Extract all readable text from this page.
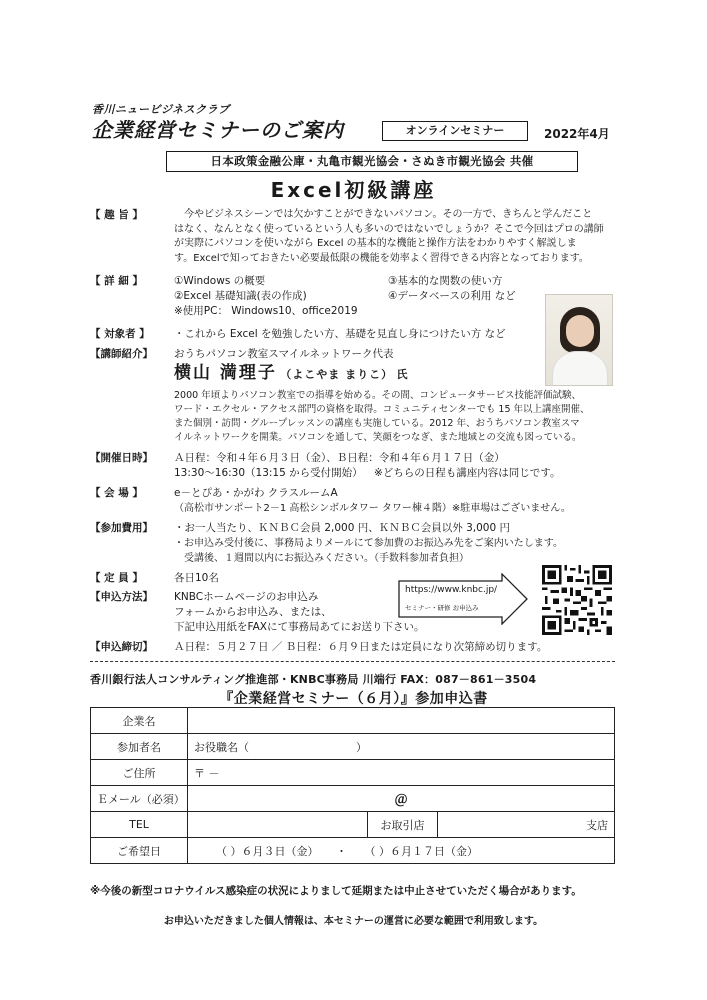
香川ニュービジネスクラブ
企業経営セミナーのご案内	オンラインセミナー	2022年4月
日本政策金融公庫・丸亀市観光協会・さぬき市観光協会 共催
Excel初級講座
【 趣 旨 】	今やビジネスシーンでは欠かすことができないパソコン。その一方で、きちんと学んだこと
はなく、なんとなく使っているという人も多いのではないでしょうか？そこで今回はプロの講師
が実際にパソコンを使いながら Excel の基本的な機能と操作方法をわかりやすく解説しま
す。Excelで知っておきたい必要最低限の機能を効率よく習得できる内容となっております。
【 詳 細 】	①Windows の概要	③基本的な関数の使い方
②Excel 基礎知識(表の作成)	④データベースの利用 など
※使用PC： Windows10、office2019
【 対象者 】	・これから Excel を勉強したい方、基礎を見直し身につけたい方 など
【講師紹介】	おうちパソコン教室スマイルネットワーク代表
横山 満理子 （よこやま まりこ） 氏
2000 年頃よりパソコン教室での指導を始める。その間、コンピュータサービス技能評価試験、
ワード・エクセル・アクセス部門の資格を取得。コミュニティセンターでも 15 年以上講座開催、
また個別・訪問・グループレッスンの講座も実施している。2012 年、おうちパソコン教室スマ
イルネットワークを開業。パソコンを通して、笑顔をつなぎ、また地域との交流も図っている。
【開催日時】	Ａ日程：令和４年６月３日（金）、Ｂ日程：令和４年６月１７日（金）
13:30～16:30（13:15 から受付開始） ※どちらの日程も講座内容は同じです。
【 会 場 】	e－とぴあ・かがわ クラスルームA
（高松市サンポート2－1 高松シンボルタワー タワー棟４階）※駐車場はございません。
【参加費用】	・お一人当たり、ＫＮＢＣ会員 2,000 円、ＫＮＢＣ会員以外 3,000 円
・お申込み受付後に、事務局よりメールにて参加費のお振込み先をご案内いたします。
受講後、１週間以内にお振込みください。（手数料参加者負担）
【 定 員 】	各日10名
【申込方法】	KNBCホームページのお申込み
フォームからお申込み、または、
下記申込用紙をFAXにて事務局あてにお送り下さい。
https://www.knbc.jp/
セミナー・研修 お申込み
【申込締切】	Ａ日程：５月２７日 ／ Ｂ日程：６月９日または定員になり次第締め切ります。
香川銀行法人コンサルティング推進部・KNBC事務局 川端行 FAX：087－861－3504
『企業経営セミナー（６月）』参加申込書
企業名			
参加者名	お役職名（ ）		
ご住所	〒 －		
Ｅメール（必須）	＠		
TEL		お取引店	支店
ご希望日	（ ）６月３日（金） ・ （ ）６月１７日（金）		
※今後の新型コロナウイルス感染症の状況によりまして延期または中止させていただく場合があります。
お申込いただきました個人情報は、本セミナーの運営に必要な範囲で利用致します。
